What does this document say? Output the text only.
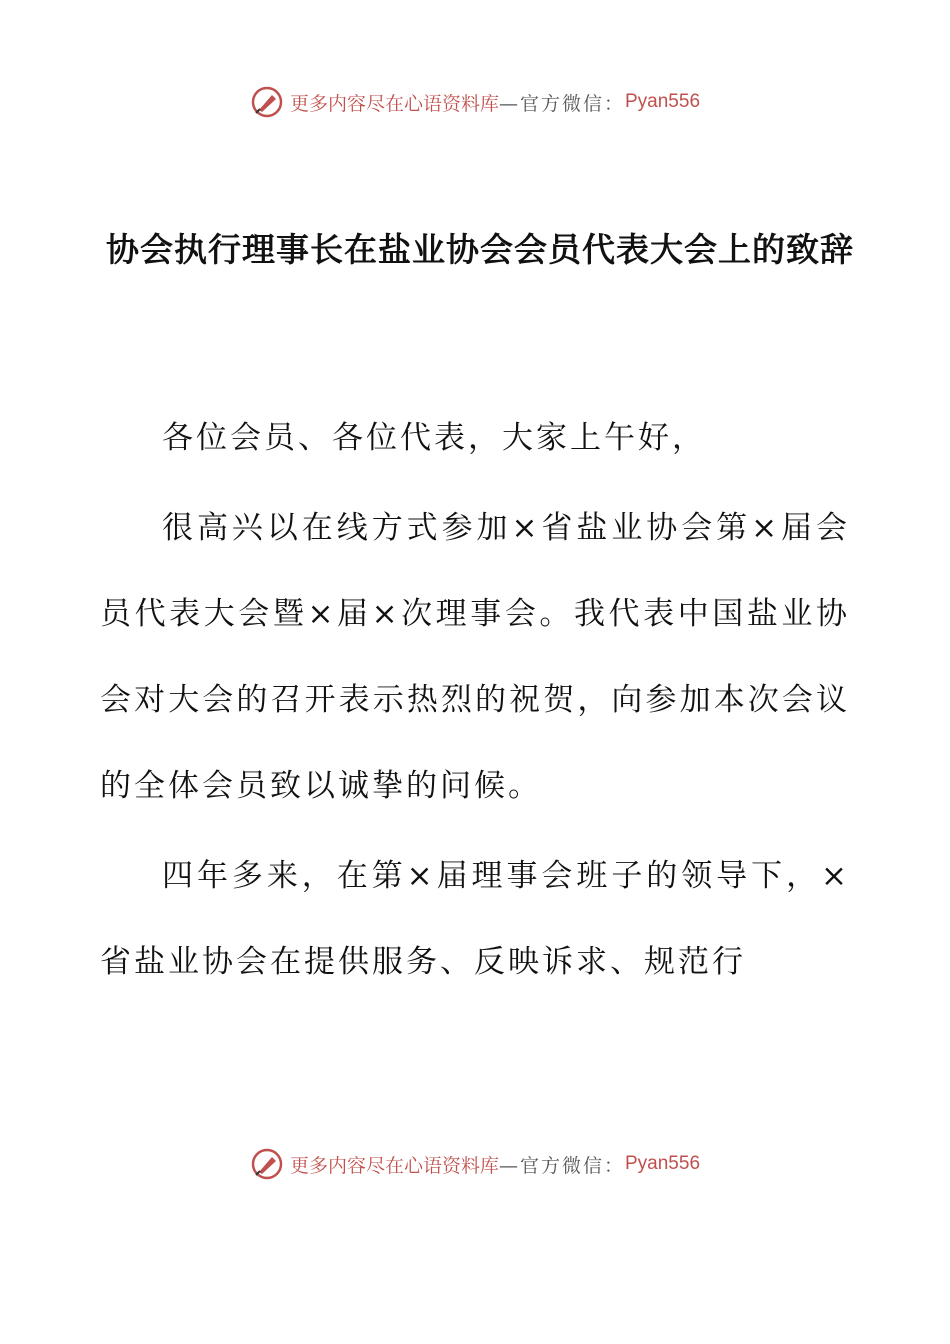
更多内容尽在心语资料库 —官方微信： Pyan556
协会执行理事长在盐业协会会员代表大会上的致辞

各位会员、各位代表，大家上午好，

很高兴以在线方式参加×省盐业协会第×届会员代表大会暨×届×次理事会。我代表中国盐业协会对大会的召开表示热烈的祝贺，向参加本次会议的全体会员致以诚挚的问候。

四年多来，在第×届理事会班子的领导下，×省盐业协会在提供服务、反映诉求、规范行

更多内容尽在心语资料库 —官方微信： Pyan556
